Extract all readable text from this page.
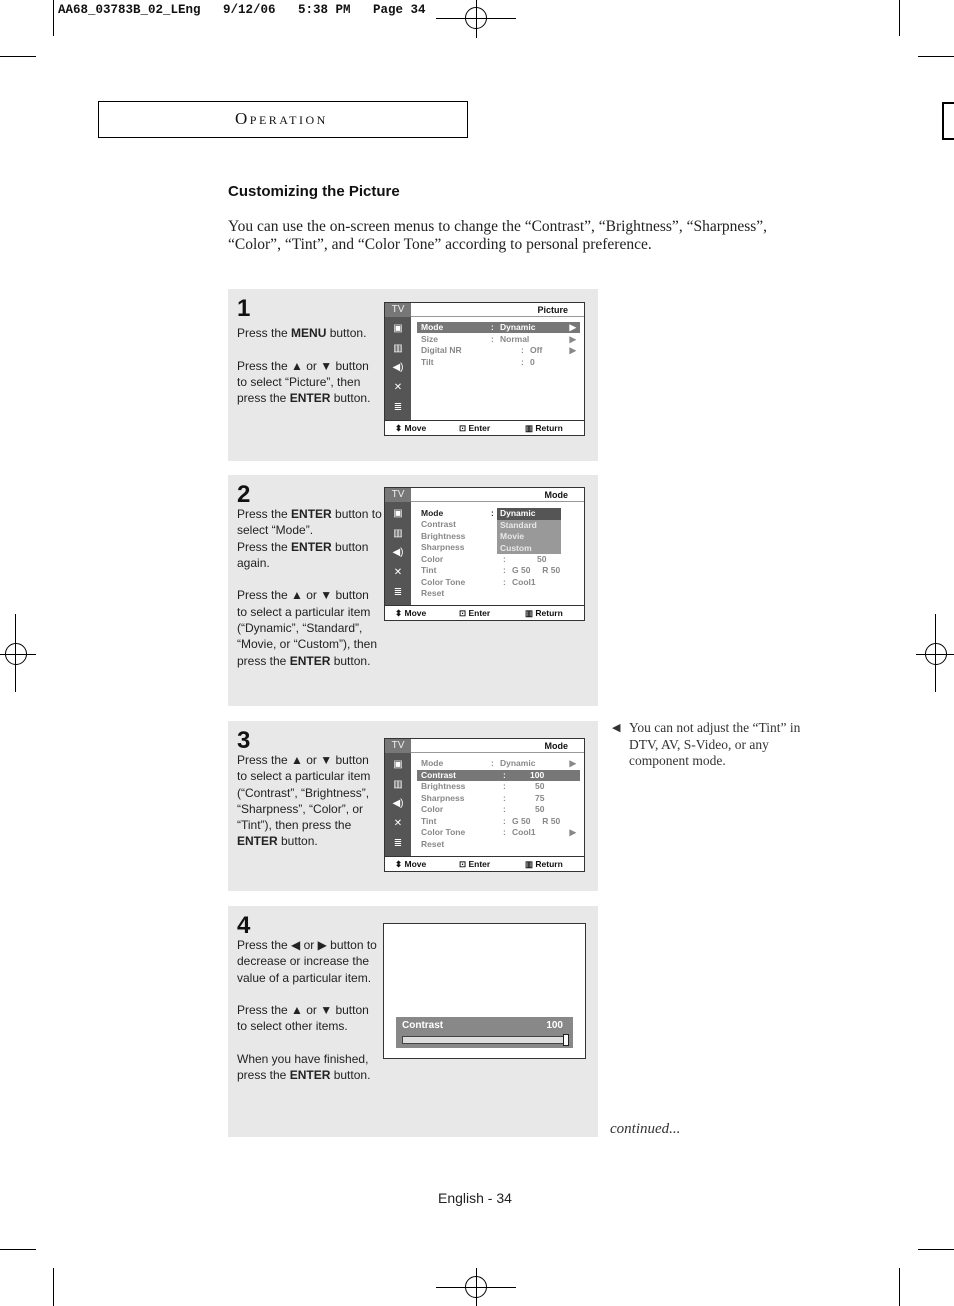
AA68_03783B_02_LEng   9/12/06   5:38 PM   Page 34
Operation
Customizing the Picture
You can use the on-screen menus to change the “Contrast”, “Brightness”, “Sharpness”, “Color”, “Tint”, and “Color Tone” according to personal preference.
1
Press the MENU button.

Press the ▲ or ▼ button to select “Picture”, then press the ENTER button.
TV
▣
▥
◀)
✕
≣
Picture
Mode	: Dynamic	▶
Size	: Normal	▶
Digital NR	: Off	▶
Tilt	: 0
⬍ Move	⊡ Enter	▥ Return
2
Press the ENTER button to select “Mode”.
Press the ENTER button again.

Press the ▲ or ▼ button to select a particular item (“Dynamic”, “Standard”, “Movie, or “Custom”), then press the ENTER button.
TV
▣
▥
◀)
✕
≣
Mode
Mode	:
Contrast
Brightness
Sharpness
Color	:	50
Tint	: G 50     R 50
Color Tone	: Cool1
Reset
Dynamic
Standard
Movie
Custom
⬍ Move	⊡ Enter	▥ Return
3
Press the ▲ or ▼ button to select a particular item (“Contrast”, “Brightness”, “Sharpness”, “Color”, or “Tint”), then press the ENTER button.
TV
▣
▥
◀)
✕
≣
Mode
Mode	: Dynamic	▶
Contrast	:	100
Brightness	:	50
Sharpness	:	75
Color	:	50
Tint	: G 50     R 50
Color Tone	: Cool1	▶
Reset
⬍ Move	⊡ Enter	▥ Return
4
Press the ◀ or ▶ button to decrease or increase the value of a particular item.

Press the ▲ or ▼ button to select other items.

When you have finished, press the ENTER button.
Contrast	100
◀ You can not adjust the “Tint” in DTV, AV, S-Video, or any component mode.
continued...
English - 34
